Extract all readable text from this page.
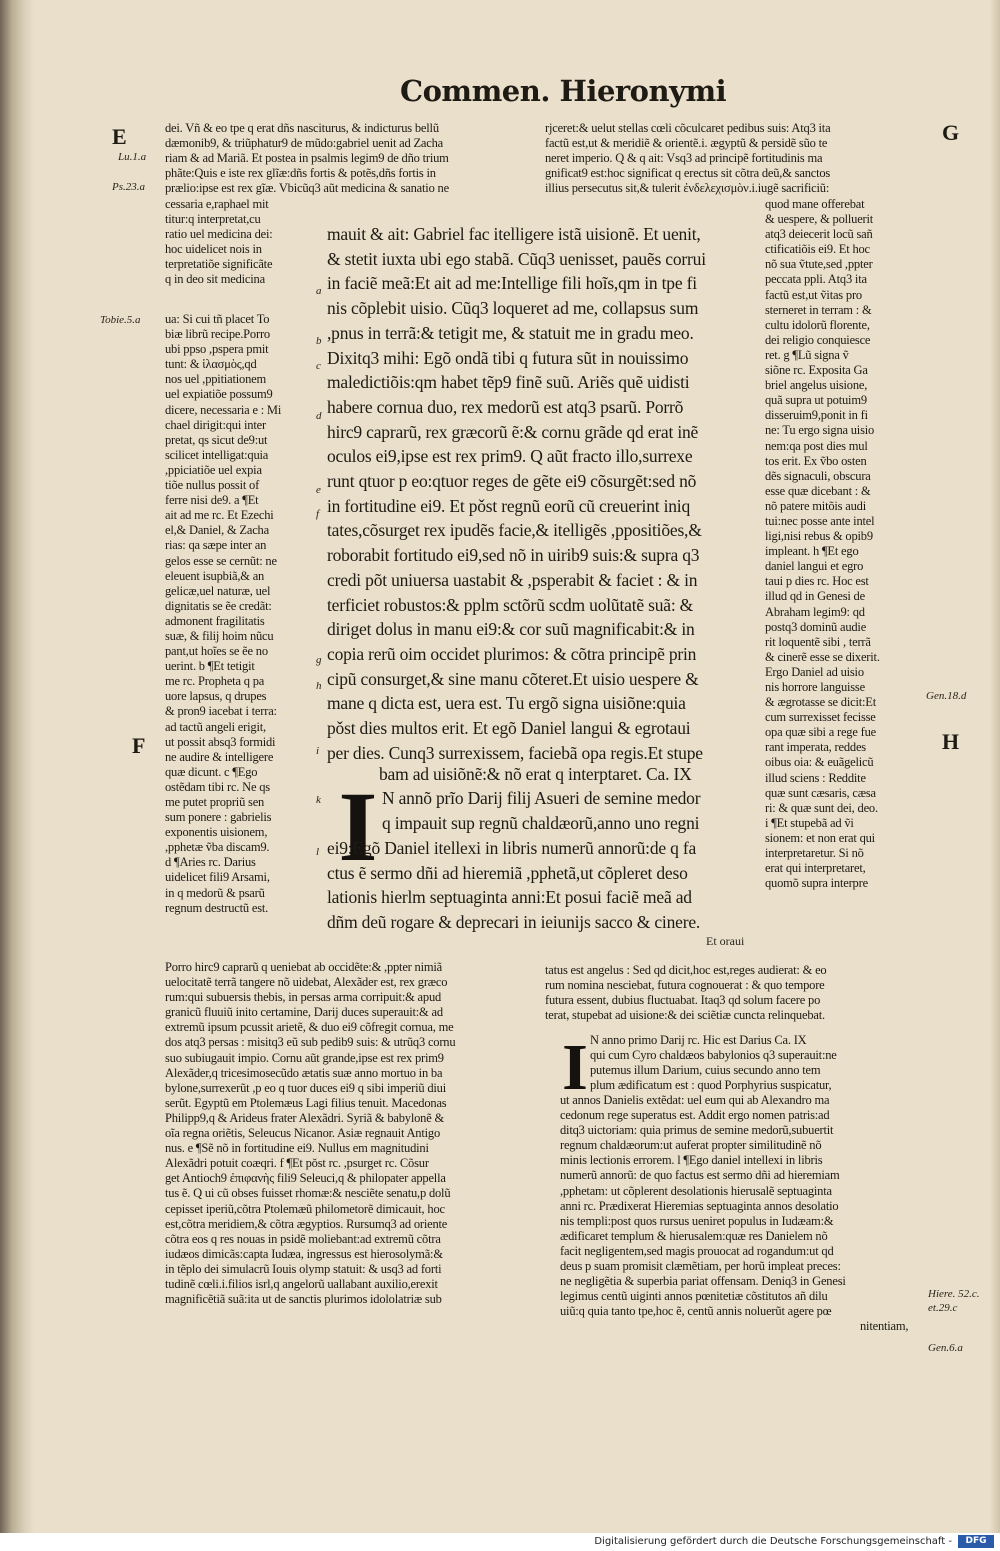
Commen. Hieronymi
E	G
F	H
Lu.1.a
Ps.23.a
Tobie.5.a
Gen.18.d
Hiere. 52.c.
et.29.c
Gen.6.a
dei. Vñ & eo tpe q erat dñs nasciturus, & indicturus bellũ
dæmonib9, & triũphatur9 de mũdo:gabriel uenit ad Zacha
riam & ad Mariã. Et postea in psalmis legim9 de dño trium
phãte:Quis e iste rex glĩæ:dñs fortis & potẽs,dñs fortis in
prælio:ipse est rex gĩæ. Vbicũq3 aũt medicina & sanatio ne
rjceret:& uelut stellas cœli cõculcaret pedibus suis: Atq3 ita
factũ est,ut & meridiẽ & orientẽ.i. ægyptũ & persidẽ sũo te
neret imperio. Q & q ait: Vsq3 ad principẽ fortitudinis ma
gnificat9 est:hoc significat q erectus sit cõtra deũ,& sanctos
illius persecutus sit,& tulerit ἐνδελεχισμὸν.i.iugẽ sacrificiũ:
cessaria e,raphael mit
titur:q interpretat,cu
ratio uel medicina dei:
hoc uidelicet nois in
terpretatiõe significãte
q in deo sit medicina
ua: Si cui tñ placet To
biæ librũ recipe.Porro
ubi ppso ,pspera pmit
tunt: & ἱλασμὸς,qd
nos uel ,ppitiationem
uel expiatiõe possum9
dicere, necessaria e : Mi
chael dirigit:qui inter
pretat, qs sicut de9:ut
scilicet intelligat:quia
,ppiciatiõe uel expia
tiõe nullus possit of
ferre nisi de9. a ¶Et
ait ad me rc. Et Ezechi
el,& Daniel, & Zacha
rias: qa sæpe inter an
gelos esse se cernũt: ne
eleuent isupbiã,& an
gelicæ,uel naturæ, uel
dignitatis se ẽe credãt:
admonent fragilitatis
suæ, & filij hoim nũcu
pant,ut hoĩes se ẽe no
uerint. b ¶Et tetigit
me rc. Propheta q pa
uore lapsus, q drupes
& pron9 iacebat i terra:
ad tactũ angeli erigit,
ut possit absq3 formidi
ne audire & intelligere
quæ dicunt. c ¶Ego
ostẽdam tibi rc. Ne qs
me putet propriũ sen
sum ponere : gabrielis
exponentis uisionem,
,pphetæ ṽba discam9.
d ¶Aries rc. Darius
uidelicet fili9 Arsami,
in q medorũ & psarũ
regnum destructũ est.
quod mane offerebat
& uespere, & polluerit
atq3 deiecerit locũ sañ
ctificatiõis ei9. Et hoc
nõ sua ṽtute,sed ,ppter
peccata ppli. Atq3 ita
factũ est,ut ṽitas pro
sterneret in terram : &
cultu idolorũ florente,
dei religio conquiesce
ret. g ¶Lũ signa ṽ
siõne rc. Exposita Ga
briel angelus uisione,
quã supra ut potuim9
disseruim9,ponit in fi
ne: Tu ergo signa uisio
nem:qa post dies mul
tos erit. Ex ṽbo osten
dẽs signaculi, obscura
esse quæ dicebant : &
nõ patere mitõis audi
tui:nec posse ante intel
ligi,nisi rebus & opib9
impleant. h ¶Et ego
daniel langui et egro
taui p dies rc. Hoc est
illud qd in Genesi de
Abraham legim9: qd
postq3 dominũ audie
rit loquentẽ sibi , terrã
& cinerẽ esse se dixerit.
Ergo Daniel ad uisio
nis horrore languisse
& ægrotasse se dicit:Et
cum surrexisset fecisse
opa quæ sibi a rege fue
rant imperata, reddes
oibus oia: & euãgelicũ
illud sciens : Reddite
quæ sunt cæsaris, cæsa
ri: & quæ sunt dei, deo.
i ¶Et stupebã ad ṽi
sionem: et non erat qui
interpretaretur. Si nõ
erat qui interpretaret,
quomõ supra interpre
a
b
c
d
e
f
g
h
i
k
l
mauit & ait: Gabriel fac itelligere istã uisionẽ. Et uenit,
& stetit iuxta ubi ego stabã. Cũq3 uenisset, pauẽs corrui
in faciẽ meã:Et ait ad me:Intellige fili hoĩs,qm in tpe fi
nis cõplebit uisio. Cũq3 loqueret ad me, collapsus sum
,pnus in terrã:& tetigit me, & statuit me in gradu meo.
Dixitq3 mihi: Egõ ondã tibi q futura sũt in nouissimo
maledictiõis:qm habet tẽp9 finẽ suũ. Ariẽs quẽ uidisti
habere cornua duo, rex medorũ est atq3 psarũ. Porrõ
hirc9 caprarũ, rex græcorũ ẽ:& cornu grãde qd erat inẽ
oculos ei9,ipse est rex prim9. Q aũt fracto illo,surrexe
runt qtuor p eo:qtuor reges de gẽte ei9 cõsurgẽt:sed nõ
in fortitudine ei9. Et pǒst regnũ eorũ cũ creuerint iniq
tates,cõsurget rex ipudẽs facie,& itelligẽs ,ppositiões,&
roborabit fortitudo ei9,sed nõ in uirib9 suis:& supra q3
credi põt uniuersa uastabit & ,psperabit & faciet : & in
terficiet robustos:& pplm sctõrũ scdm uolũtatẽ suã: &
diriget dolus in manu ei9:& cor suũ magnificabit:& in
copia rerũ oim occidet plurimos: & cõtra principẽ prin
cipũ consurget,& sine manu cõteret.Et uisio uespere &
mane q dicta est, uera est. Tu ergõ signa uisiõne:quia
pǒst dies multos erit. Et egõ Daniel langui & egrotaui
per dies. Cunq3 surrexissem, faciebã opa regis.Et stupe
I bam ad uisiõnẽ:& nõ erat q interptaret. Ca. IX
N annõ prĩo Darij filij Asueri de semine medor
q impauit sup regnũ chaldæorũ,anno uno regni
ei9:Egõ Daniel itellexi in libris numerũ annorũ:de q fa
ctus ẽ sermo dñi ad hieremiã ,pphetã,ut cõpleret deso
lationis hierlm septuaginta anni:Et posui faciẽ meã ad
dñm deũ rogare & deprecari in ieiunijs sacco & cinere.
Et oraui
Porro hirc9 caprarũ q ueniebat ab occidẽte:& ,ppter nimiã
uelocitatẽ terrã tangere nõ uidebat, Alexãder est, rex græco
rum:qui subuersis thebis, in persas arma corripuit:& apud
granicũ fluuiũ inito certamine, Darij duces superauit:& ad
extremũ ipsum pcussit arietẽ, & duo ei9 cõfregit cornua, me
dos atq3 persas : misitq3 eũ sub pedib9 suis: & utrũq3 cornu
suo subiugauit impio. Cornu aũt grande,ipse est rex prim9
Alexãder,q tricesimosecũdo ætatis suæ anno mortuo in ba
bylone,surrexerũt ,p eo q tuor duces ei9 q sibi imperiũ diui
serũt. Egyptũ em Ptolemæus Lagi filius tenuit. Macedonas
Philipp9,q & Arideus frater Alexãdri. Syriã & babylonẽ &
oĩa regna oriẽtis, Seleucus Nicanor. Asiæ regnauit Antigo
nus. e ¶Sẽ nõ in fortitudine ei9. Nullus em magnitudini
Alexãdri potuit coæqri. f ¶Et pǒst rc. ,psurget rc. Cõsur
get Antioch9 ἐπιφανὴς fili9 Seleuci,q & philopater appella
tus ẽ. Q ui cũ obses fuisset rhomæ:& nesciẽte senatu,p dolũ
cepisset iperiũ,cõtra Ptolemæũ philometorẽ dimicauit, hoc
est,cõtra meridiem,& cõtra ægyptios. Rursumq3 ad oriente
cõtra eos q res nouas in psidẽ moliebant:ad extremũ cõtra
iudæos dimicãs:capta Iudæa, ingressus est hierosolymã:&
in tẽplo dei simulacrũ Iouis olymp statuit: & usq3 ad forti
tudinẽ cœli.i.filios isrl,q angelorũ uallabant auxilio,erexit
magnificẽtiã suã:ita ut de sanctis plurimos idololatriæ sub
tatus est angelus : Sed qd dicit,hoc est,reges audierat: & eo
rum nomina nesciebat, futura cognouerat : & quo tempore
futura essent, dubius fluctuabat. Itaq3 qd solum facere po
terat, stupebat ad uisione:& dei sciẽtiæ cuncta relinquebat.
I N anno primo Darij rc. Hic est Darius Ca. IX
qui cum Cyro chaldæos babylonios q3 superauit:ne
putemus illum Darium, cuius secundo anno tem
plum ædificatum est : quod Porphyrius suspicatur,
ut annos Danielis extẽdat: uel eum qui ab Alexandro ma
cedonum rege superatus est. Addit ergo nomen patris:ad
ditq3 uictoriam: quia primus de semine medorũ,subuertit
regnum chaldæorum:ut auferat propter similitudinẽ nõ
minis lectionis errorem. l ¶Ego daniel intellexi in libris
numerũ annorũ: de quo factus est sermo dñi ad hieremiam
,pphetam: ut cõplerent desolationis hierusalẽ septuaginta
anni rc. Prædixerat Hieremias septuaginta annos desolatio
nis templi:post quos rursus ueniret populus in Iudæam:&
ædificaret templum & hierusalem:quæ res Danielem nõ
facit negligentem,sed magis prouocat ad rogandum:ut qd
deus p suam promisit clæmẽtiam, per horũ impleat preces:
ne negligẽtia & superbia pariat offensam. Deniq3 in Genesi
legimus centũ uiginti annos pœnitetiæ cõstitutos añ dilu
uiũ:q quia tanto tpe,hoc ẽ, centũ annis noluerũt agere pœ
nitentiam,
Digitalisierung gefördert durch die Deutsche Forschungsgemeinschaft -	DFG
